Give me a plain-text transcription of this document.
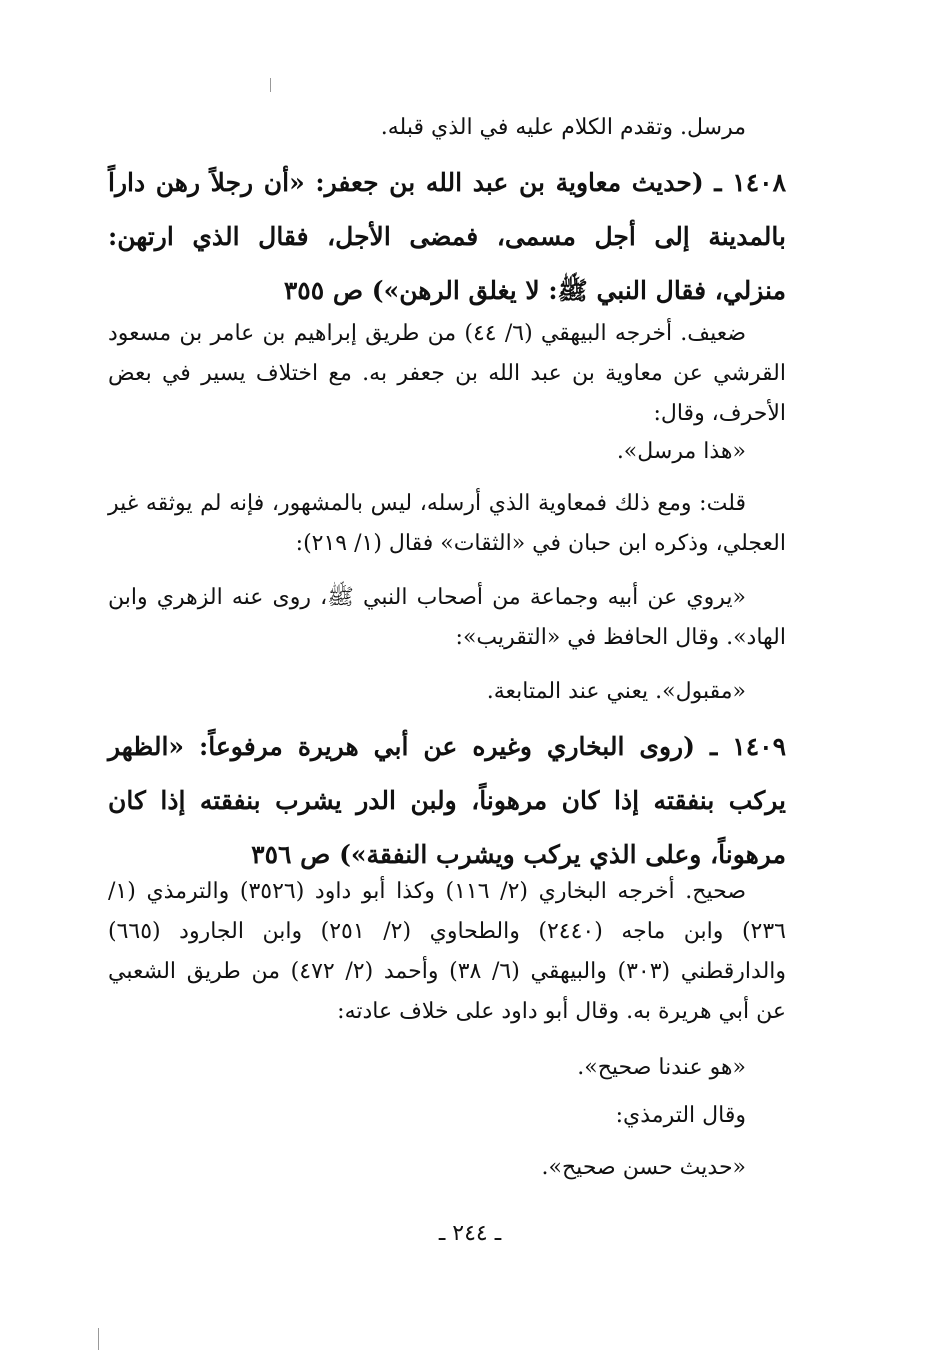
مرسل. وتقدم الكلام عليه في الذي قبله.
١٤٠٨ ـ (حديث معاوية بن عبد الله بن جعفر: «أن رجلاً رهن داراً بالمدينة إلى أجل مسمى، فمضى الأجل، فقال الذي ارتهن: منزلي، فقال النبي ﷺ: لا يغلق الرهن») ص ٣٥٥
ضعيف. أخرجه البيهقي (٦/ ٤٤) من طريق إبراهيم بن عامر بن مسعود القرشي عن معاوية بن عبد الله بن جعفر به. مع اختلاف يسير في بعض الأحرف، وقال:
«هذا مرسل».
قلت: ومع ذلك فمعاوية الذي أرسله، ليس بالمشهور، فإنه لم يوثقه غير العجلي، وذكره ابن حبان في «الثقات» فقال (١/ ٢١٩):
«يروي عن أبيه وجماعة من أصحاب النبي ﷺ، روى عنه الزهري وابن الهاد». وقال الحافظ في «التقريب»:
«مقبول». يعني عند المتابعة.
١٤٠٩ ـ (روى البخاري وغيره عن أبي هريرة مرفوعاً: «الظهر يركب بنفقته إذا كان مرهوناً، ولبن الدر يشرب بنفقته إذا كان مرهوناً، وعلى الذي يركب ويشرب النفقة») ص ٣٥٦
صحيح. أخرجه البخاري (٢/ ١١٦) وكذا أبو داود (٣٥٢٦) والترمذي (١/ ٢٣٦) وابن ماجه (٢٤٤٠) والطحاوي (٢/ ٢٥١) وابن الجارود (٦٦٥) والدارقطني (٣٠٣) والبيهقي (٦/ ٣٨) وأحمد (٢/ ٤٧٢) من طريق الشعبي عن أبي هريرة به. وقال أبو داود على خلاف عادته:
«هو عندنا صحيح».
وقال الترمذي:
«حديث حسن صحيح».
ـ ٢٤٤ ـ
